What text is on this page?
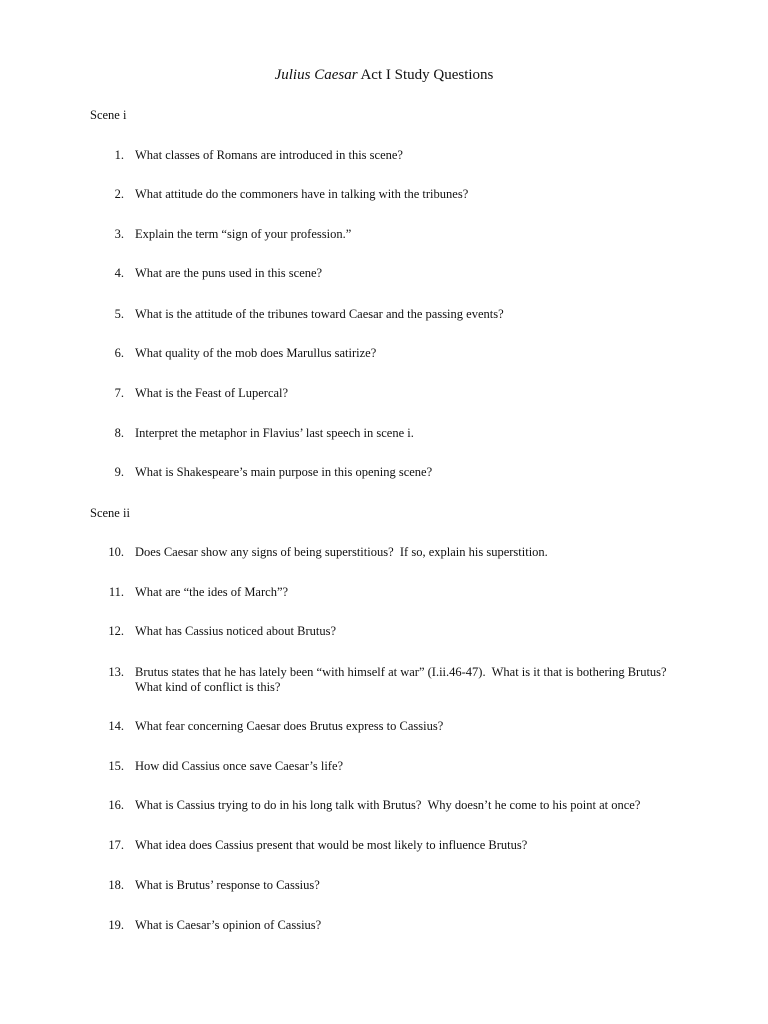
Julius Caesar Act I Study Questions
Scene i
1. What classes of Romans are introduced in this scene?
2. What attitude do the commoners have in talking with the tribunes?
3. Explain the term “sign of your profession.”
4. What are the puns used in this scene?
5. What is the attitude of the tribunes toward Caesar and the passing events?
6. What quality of the mob does Marullus satirize?
7. What is the Feast of Lupercal?
8. Interpret the metaphor in Flavius’ last speech in scene i.
9. What is Shakespeare’s main purpose in this opening scene?
Scene ii
10. Does Caesar show any signs of being superstitious?  If so, explain his superstition.
11. What are “the ides of March”?
12. What has Cassius noticed about Brutus?
13. Brutus states that he has lately been “with himself at war” (I.ii.46-47).  What is it that is bothering Brutus?
What kind of conflict is this?
14. What fear concerning Caesar does Brutus express to Cassius?
15. How did Cassius once save Caesar’s life?
16. What is Cassius trying to do in his long talk with Brutus?  Why doesn’t he come to his point at once?
17. What idea does Cassius present that would be most likely to influence Brutus?
18. What is Brutus’ response to Cassius?
19. What is Caesar’s opinion of Cassius?
